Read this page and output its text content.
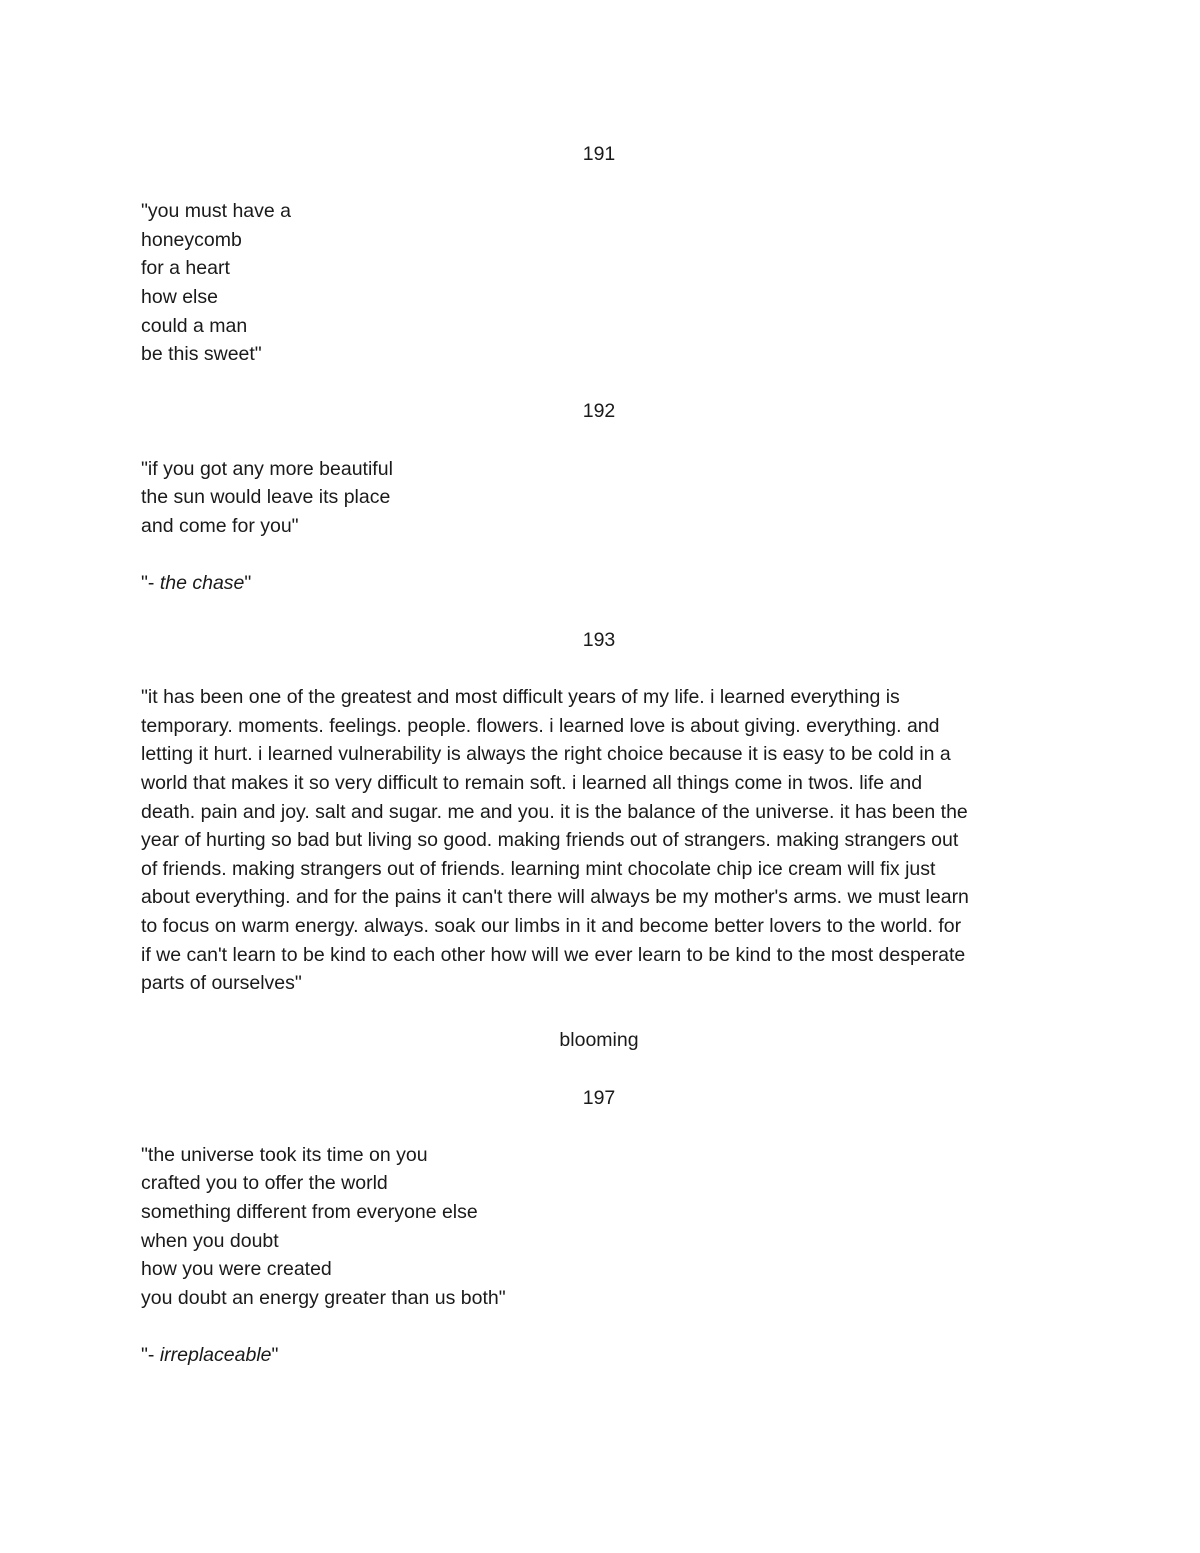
191
"you must have a
honeycomb
for a heart
how else
could a man
be this sweet"
192
"if you got any more beautiful
the sun would leave its place
and come for you"
"- the chase"
193
"it has been one of the greatest and most difficult years of my life. i learned everything is
temporary. moments. feelings. people. flowers. i learned love is about giving. everything. and
letting it hurt. i learned vulnerability is always the right choice because it is easy to be cold in a
world that makes it so very difficult to remain soft. i learned all things come in twos. life and
death. pain and joy. salt and sugar. me and you. it is the balance of the universe. it has been the
year of hurting so bad but living so good. making friends out of strangers. making strangers out
of friends. making strangers out of friends. learning mint chocolate chip ice cream will fix just
about everything. and for the pains it can't there will always be my mother's arms. we must learn
to focus on warm energy. always. soak our limbs in it and become better lovers to the world. for
if we can't learn to be kind to each other how will we ever learn to be kind to the most desperate
parts of ourselves"
blooming
197
"the universe took its time on you
crafted you to offer the world
something different from everyone else
when you doubt
how you were created
you doubt an energy greater than us both"
"- irreplaceable"
